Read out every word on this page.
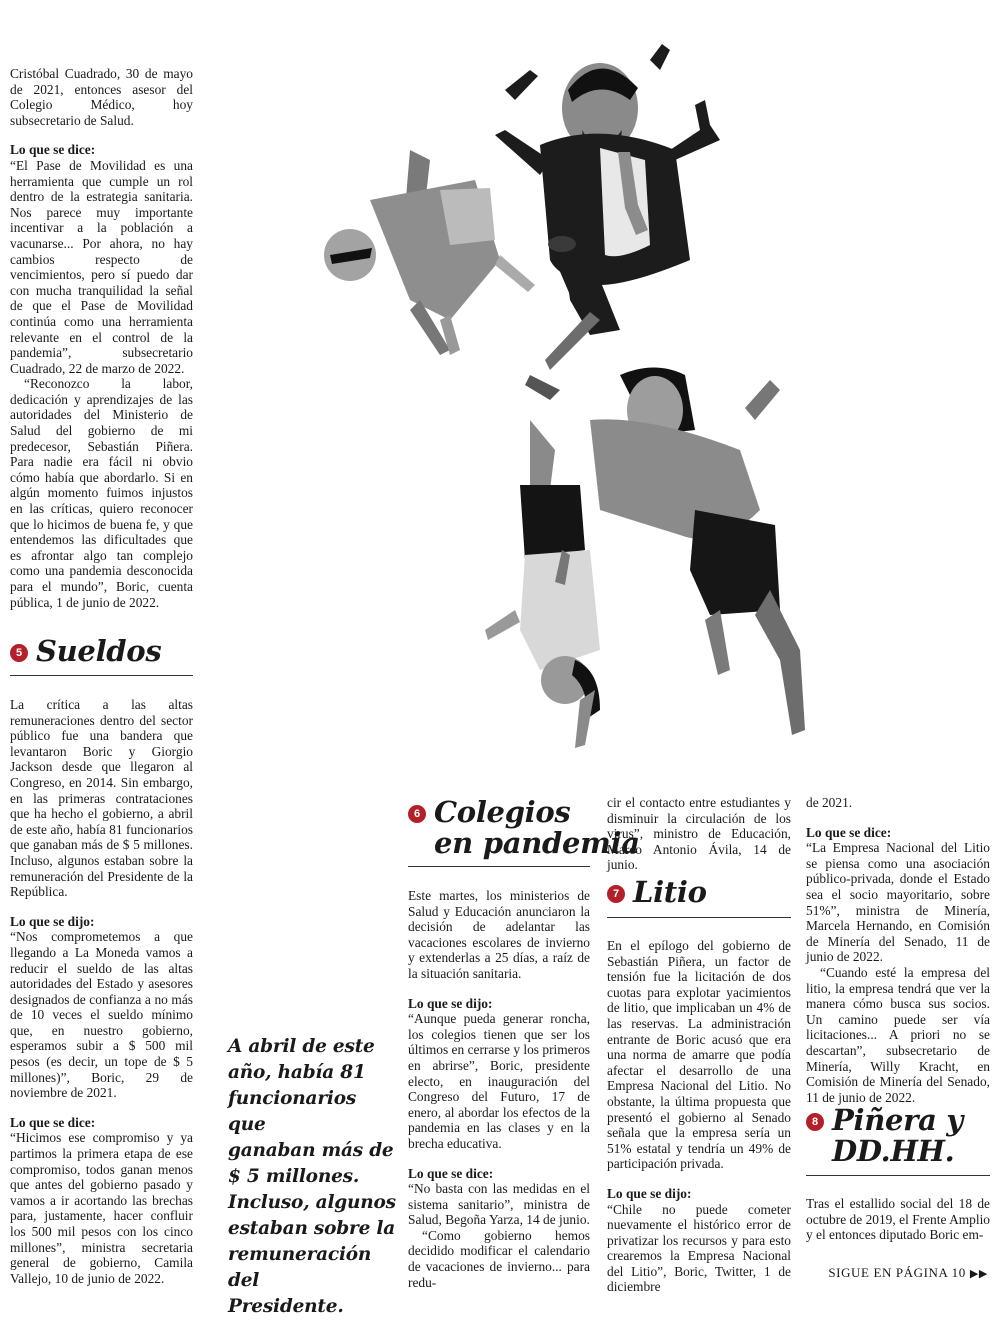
Cristóbal Cuadrado, 30 de mayo de 2021, entonces asesor del Colegio Médico, hoy subsecretario de Salud.

Lo que se dice:

“El Pase de Movilidad es una herramienta que cumple un rol dentro de la estrategia sanitaria. Nos parece muy importante incentivar a la población a vacunarse... Por ahora, no hay cambios respecto de vencimientos, pero sí puedo dar con mucha tranquilidad la señal de que el Pase de Movilidad continúa como una herramienta relevante en el control de la pandemia”, subsecretario Cuadrado, 22 de marzo de 2022.

“Reconozco la labor, dedicación y aprendizajes de las autoridades del Ministerio de Salud del gobierno de mi predecesor, Sebastián Piñera. Para nadie era fácil ni obvio cómo había que abordarlo. Si en algún momento fuimos injustos en las críticas, quiero reconocer que lo hicimos de buena fe, y que entendemos las dificultades que es afrontar algo tan complejo como una pandemia desconocida para el mundo”, Boric, cuenta pública, 1 de junio de 2022.

5 Sueldos

La crítica a las altas remuneraciones dentro del sector público fue una bandera que levantaron Boric y Giorgio Jackson desde que llegaron al Congreso, en 2014. Sin embargo, en las primeras contrataciones que ha hecho el gobierno, a abril de este año, había 81 funcionarios que ganaban más de $ 5 millones. Incluso, algunos estaban sobre la remuneración del Presidente de la República.

Lo que se dijo:

“Nos comprometemos a que llegando a La Moneda vamos a reducir el sueldo de las altas autoridades del Estado y asesores designados de confianza a no más de 10 veces el sueldo mínimo que, en nuestro gobierno, esperamos subir a $ 500 mil pesos (es decir, un tope de $ 5 millones)”, Boric, 29 de noviembre de 2021.

Lo que se dice:

“Hicimos ese compromiso y ya partimos la primera etapa de ese compromiso, todos ganan menos que antes del gobierno pasado y vamos a ir acortando las brechas para, justamente, hacer confluir los 500 mil pesos con los cinco millones”, ministra secretaria general de gobierno, Camila Vallejo, 10 de junio de 2022.

A abril de este
año, había 81
funcionarios que
ganaban más de
$ 5 millones.
Incluso, algunos
estaban sobre la
remuneración del
Presidente.
6 Colegios
en pandemia

Este martes, los ministerios de Salud y Educación anunciaron la decisión de adelantar las vacaciones escolares de invierno y extenderlas a 25 días, a raíz de la situación sanitaria.

Lo que se dijo:

“Aunque pueda generar roncha, los colegios tienen que ser los últimos en cerrarse y los primeros en abrirse”, Boric, presidente electo, en inauguración del Congreso del Futuro, 17 de enero, al abordar los efectos de la pandemia en las clases y en la brecha educativa.

Lo que se dice:

“No basta con las medidas en el sistema sanitario”, ministra de Salud, Begoña Yarza, 14 de junio.

“Como gobierno hemos decidido modificar el calendario de vacaciones de invierno... para redu-

cir el contacto entre estudiantes y disminuir la circulación de los virus”, ministro de Educación, Marco Antonio Ávila, 14 de junio.

7 Litio

En el epílogo del gobierno de Sebastián Piñera, un factor de tensión fue la licitación de dos cuotas para explotar yacimientos de litio, que implicaban un 4% de las reservas. La administración entrante de Boric acusó que era una norma de amarre que podía afectar el desarrollo de una Empresa Nacional del Litio. No obstante, la última propuesta que presentó el gobierno al Senado señala que la empresa sería un 51% estatal y tendría un 49% de participación privada.

Lo que se dijo:

“Chile no puede cometer nuevamente el histórico error de privatizar los recursos y para esto crearemos la Empresa Nacional del Litio”, Boric, Twitter, 1 de diciembre

de 2021.

Lo que se dice:

“La Empresa Nacional del Litio se piensa como una asociación público-privada, donde el Estado sea el socio mayoritario, sobre 51%”, ministra de Minería, Marcela Hernando, en Comisión de Minería del Senado, 11 de junio de 2022.

“Cuando esté la empresa del litio, la empresa tendrá que ver la manera cómo busca sus socios. Un camino puede ser vía licitaciones... A priori no se descartan”, subsecretario de Minería, Willy Kracht, en Comisión de Minería del Senado, 11 de junio de 2022.

8 Piñera y
DD.HH.

Tras el estallido social del 18 de octubre de 2019, el Frente Amplio y el entonces diputado Boric em-

SIGUE EN PÁGINA 10 ▶▶
